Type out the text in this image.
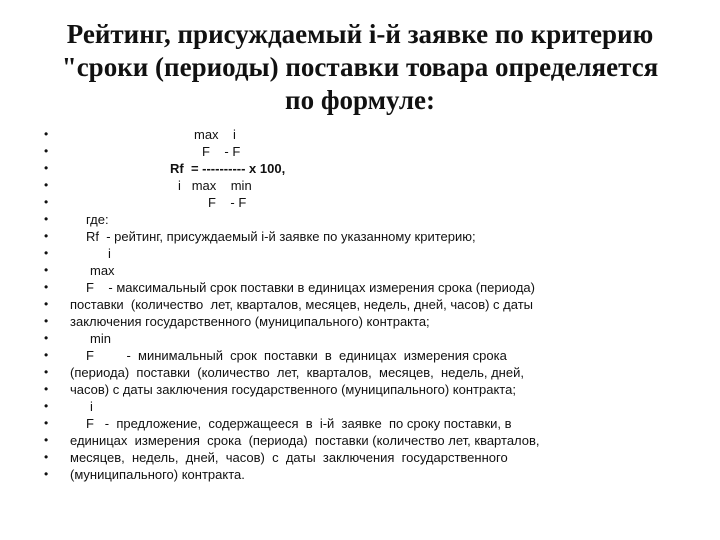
Рейтинг, присуждаемый i-й заявке по критерию
"сроки (периоды) поставки товара определяется
по формуле:
•	max    i
•	F    - F
•	Rf  = ---------- x 100,
•	i   max    min
•	F    - F
•	где:
•	Rf  - рейтинг, присуждаемый i-й заявке по указанному критерию;
•	i
•	max
•	F    - максимальный срок поставки в единицах измерения срока (периода)
• поставки  (количество  лет, кварталов, месяцев, недель, дней, часов) с даты
• заключения государственного (муниципального) контракта;
•	min
•	F         -  минимальный  срок  поставки  в  единицах  измерения срока
• (периода)  поставки  (количество  лет,  кварталов,  месяцев,  недель, дней,
• часов) с даты заключения государственного (муниципального) контракта;
•	i
•	F   -  предложение,  содержащееся  в  i-й  заявке  по сроку поставки, в
• единицах  измерения  срока  (периода)  поставки (количество лет, кварталов,
• месяцев,  недель,  дней,  часов)  с  даты  заключения  государственного
• (муниципального) контракта.
